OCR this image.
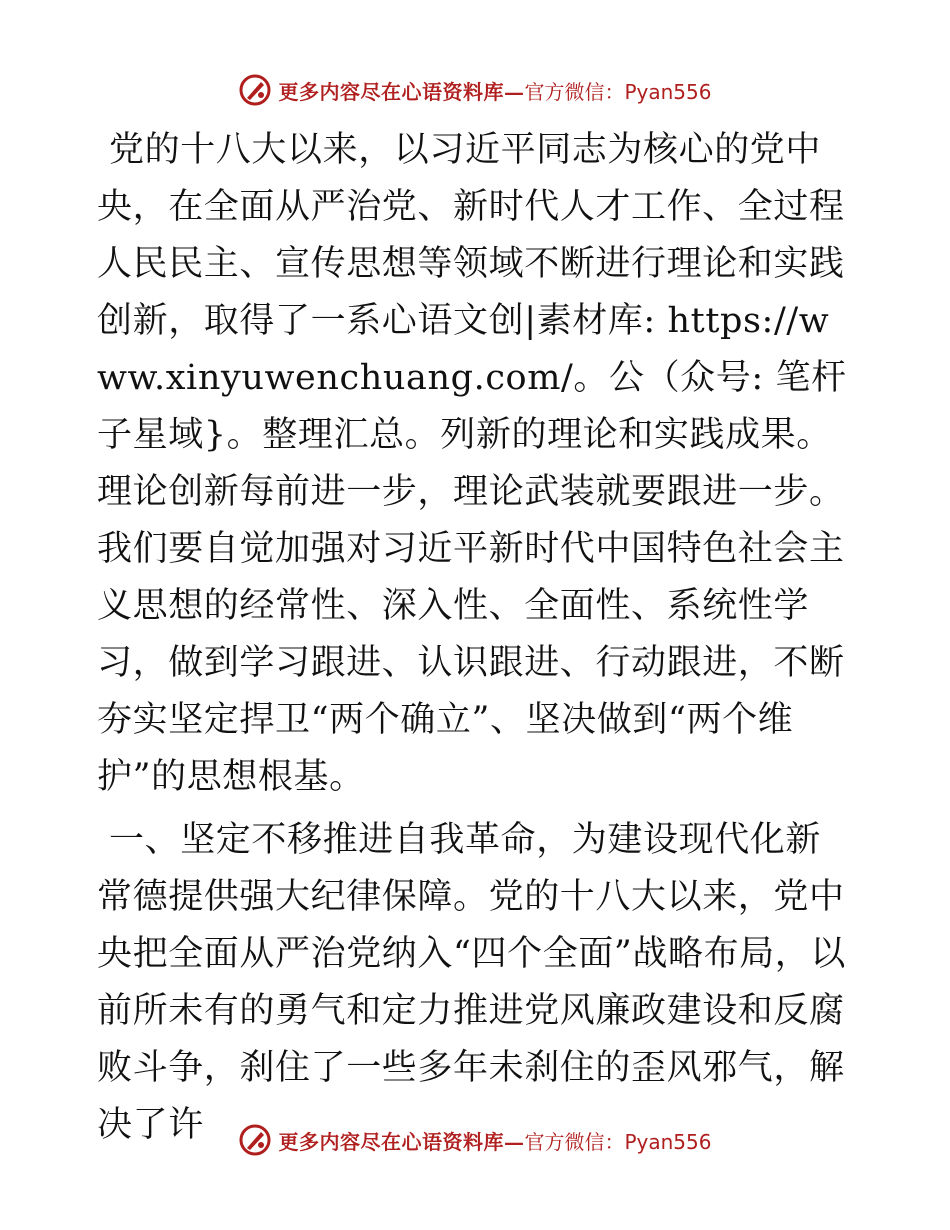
更多内容尽在心语资料库— 官方微信：Pyan556

党的十八大以来，以习近平同志为核心的党中央，在全面从严治党、新时代人才工作、全过程人民民主、宣传思想等领域不断进行理论和实践创新，取得了一系心语文创|素材库: https://www.xinyuwenchuang.com/。公（众号: 笔杆子星域}。整理汇总。列新的理论和实践成果。理论创新每前进一步，理论武装就要跟进一步。我们要自觉加强对习近平新时代中国特色社会主义思想的经常性、深入性、全面性、系统性学习，做到学习跟进、认识跟进、行动跟进，不断夯实坚定捍卫“两个确立”、坚决做到“两个维护”的思想根基。

一、坚定不移推进自我革命，为建设现代化新常德提供强大纪律保障。党的十八大以来，党中央把全面从严治党纳入“四个全面”战略布局，以前所未有的勇气和定力推进党风廉政建设和反腐败斗争，刹住了一些多年未刹住的歪风邪气，解决了许	更多内容尽在心语资料库— 官方微信：Pyan556
